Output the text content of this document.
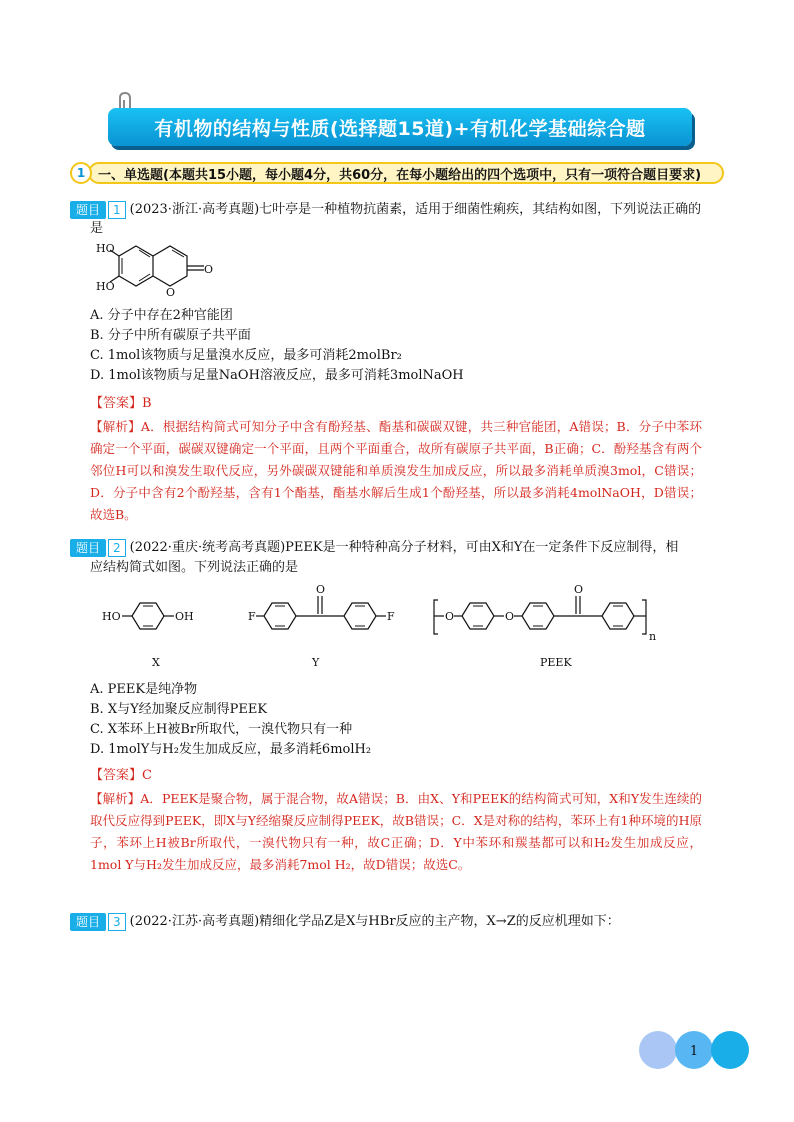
有机物的结构与性质(选择题15道)+有机化学基础综合题
一、单选题(本题共15小题，每小题4分，共60分，在每小题给出的四个选项中，只有一项符合题目要求)
1
题目 1 (2023·浙江·高考真题)七叶亭是一种植物抗菌素，适用于细菌性痢疾，其结构如图，下列说法正确的
是
HO
HO	O
O
A. 分子中存在2种官能团
B. 分子中所有碳原子共平面
C. 1mol该物质与足量溴水反应，最多可消耗2molBr₂
D. 1mol该物质与足量NaOH溶液反应，最多可消耗3molNaOH
【答案】B
【解析】A．根据结构简式可知分子中含有酚羟基、酯基和碳碳双键，共三种官能团，A错误；B．分子中苯环确定一个平面，碳碳双键确定一个平面，且两个平面重合，故所有碳原子共平面，B正确；C．酚羟基含有两个邻位H可以和溴发生取代反应，另外碳碳双键能和单质溴发生加成反应，所以最多消耗单质溴3mol，C错误；D．分子中含有2个酚羟基，含有1个酯基，酯基水解后生成1个酚羟基，所以最多消耗4molNaOH，D错误；故选B。
题目 2 (2022·重庆·统考高考真题)PEEK是一种特种高分子材料，可由X和Y在一定条件下反应制得，相
应结构简式如图。下列说法正确的是
HO	OH
X
F
O
F
Y
O	O
O
n
PEEK
A. PEEK是纯净物
B. X与Y经加聚反应制得PEEK
C. X苯环上H被Br所取代，一溴代物只有一种
D. 1molY与H₂发生加成反应，最多消耗6molH₂
【答案】C
【解析】A．PEEK是聚合物，属于混合物，故A错误；B．由X、Y和PEEK的结构简式可知，X和Y发生连续的取代反应得到PEEK，即X与Y经缩聚反应制得PEEK，故B错误；C．X是对称的结构，苯环上有1种环境的H原子，苯环上H被Br所取代，一溴代物只有一种，故C正确；D．Y中苯环和羰基都可以和H₂发生加成反应，1mol Y与H₂发生加成反应，最多消耗7mol H₂，故D错误；故选C。
题目 3 (2022·江苏·高考真题)精细化学品Z是X与HBr反应的主产物，X→Z的反应机理如下：
1
